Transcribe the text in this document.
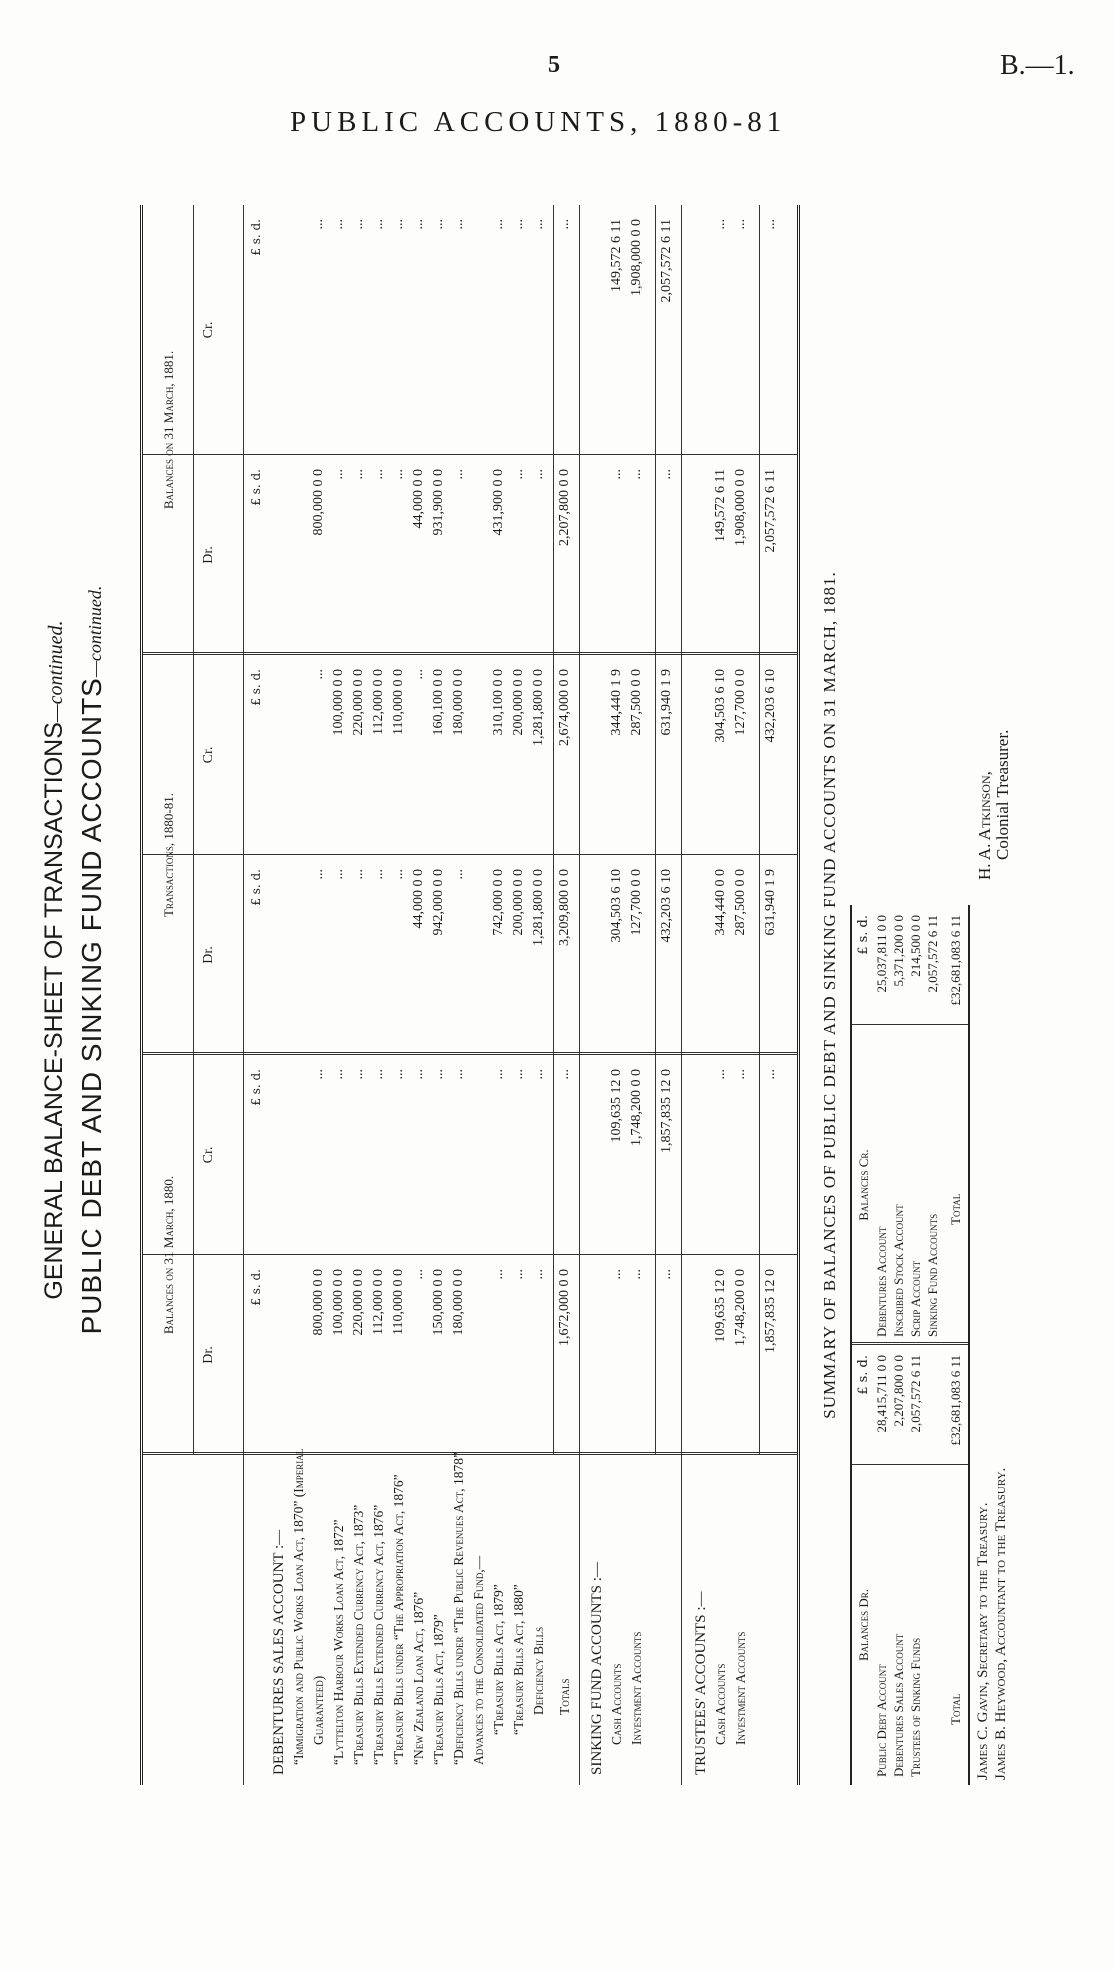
5	B.—1.
PUBLIC ACCOUNTS, 1880-81
GENERAL BALANCE-SHEET OF TRANSACTIONS—continued.
PUBLIC DEBT AND SINKING FUND ACCOUNTS—continued.
Balances on 31 March, 1880.
Transactions, 1880-81.
Balances on 31 March, 1881.
Dr.
£ s. d.
Cr.
£ s. d.
Dr.
£ s. d.
Cr.
£ s. d.
Dr.
£ s. d.
Cr.
£ s. d.
DEBENTURES SALES ACCOUNT :— “Immigration and Public Works Loan Act, 1870” (Imperial Guaranteed)
800,000 0 0
...
...
...
800,000 0 0
...
“Lyttelton Harbour Works Loan Act, 1872”
100,000 0 0
...
...
100,000 0 0
...
...
“Treasury Bills Extended Currency Act, 1873”
220,000 0 0
...
...
220,000 0 0
...
...
“Treasury Bills Extended Currency Act, 1876”
112,000 0 0
...
...
112,000 0 0
...
...
“Treasury Bills under “The Appropriation Act, 1876”
110,000 0 0
...
...
110,000 0 0
...
...
“New Zealand Loan Act, 1876”
...
...
44,000 0 0
...
44,000 0 0
...
“Treasury Bills Act, 1879”
150,000 0 0
...
942,000 0 0
160,100 0 0
931,900 0 0
...
“Deficiency Bills under “The Public Revenues Act, 1878”
180,000 0 0
...
...
180,000 0 0
...
...
Advances to the Consolidated Fund,— “Treasury Bills Act, 1879”
...
...
742,000 0 0
310,100 0 0
431,900 0 0
...
“Treasury Bills Act, 1880”
...
...
200,000 0 0
200,000 0 0
...
...
Deficiency Bills
...
...
1,281,800 0 0
1,281,800 0 0
...
...
Totals
1,672,000 0 0
...
3,209,800 0 0
2,674,000 0 0
2,207,800 0 0
...
SINKING FUND ACCOUNTS :— Cash Accounts
...
109,635 12 0
304,503 6 10
344,440 1 9
...
149,572 6 11
Investment Accounts
...
1,748,200 0 0
127,700 0 0
287,500 0 0
...
1,908,000 0 0
...
1,857,835 12 0
432,203 6 10
631,940 1 9
...
2,057,572 6 11
TRUSTEES' ACCOUNTS :— Cash Accounts
109,635 12 0
...
344,440 0 0
304,503 6 10
149,572 6 11
...
Investment Accounts
1,748,200 0 0
...
287,500 0 0
127,700 0 0
1,908,000 0 0
...
1,857,835 12 0
...
631,940 1 9
432,203 6 10
2,057,572 6 11
...
SUMMARY OF BALANCES OF PUBLIC DEBT AND SINKING FUND ACCOUNTS ON 31 MARCH, 1881.
Balances Dr.
£ s. d.
Balances Cr.
£ s. d.
Public Debt Account
28,415,711 0 0
Debentures Sales Account
2,207,800 0 0
Trustees of Sinking Funds
2,057,572 6 11
Debentures Account
25,037,811 0 0
Inscribed Stock Account
5,371,200 0 0
Scrip Account
214,500 0 0
Sinking Fund Accounts
2,057,572 6 11
Total
£32,681,083 6 11
Total
£32,681,083 6 11
James C. Gavin, Secretary to the Treasury. James B. Heywood, Accountant to the Treasury.
H. A. Atkinson, Colonial Treasurer.
